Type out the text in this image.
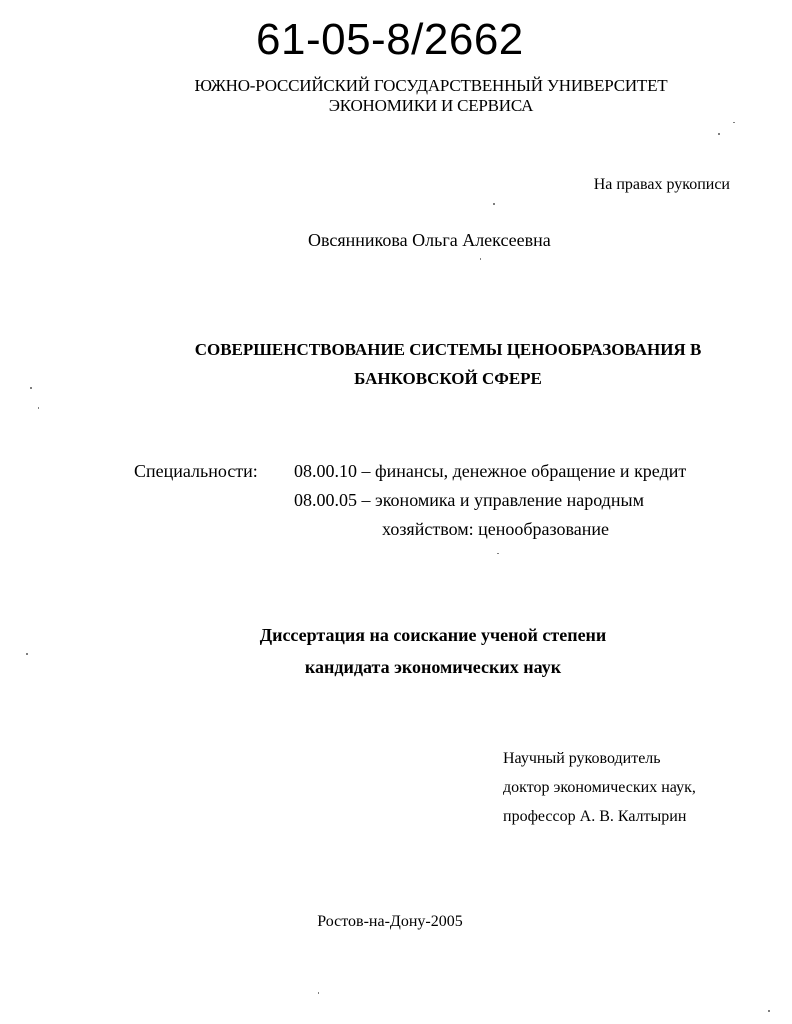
61-05-8/2662
ЮЖНО-РОССИЙСКИЙ ГОСУДАРСТВЕННЫЙ УНИВЕРСИТЕТ
ЭКОНОМИКИ И СЕРВИСА
На правах рукописи
Овсянникова Ольга Алексеевна
СОВЕРШЕНСТВОВАНИЕ СИСТЕМЫ ЦЕНООБРАЗОВАНИЯ В
БАНКОВСКОЙ СФЕРЕ
Специальности: 08.00.10 – финансы, денежное обращение и кредит
08.00.05 – экономика и управление народным
хозяйством: ценообразование
Диссертация на соискание ученой степени
кандидата экономических наук
Научный руководитель
доктор экономических наук,
профессор А. В. Калтырин
Ростов-на-Дону-2005
